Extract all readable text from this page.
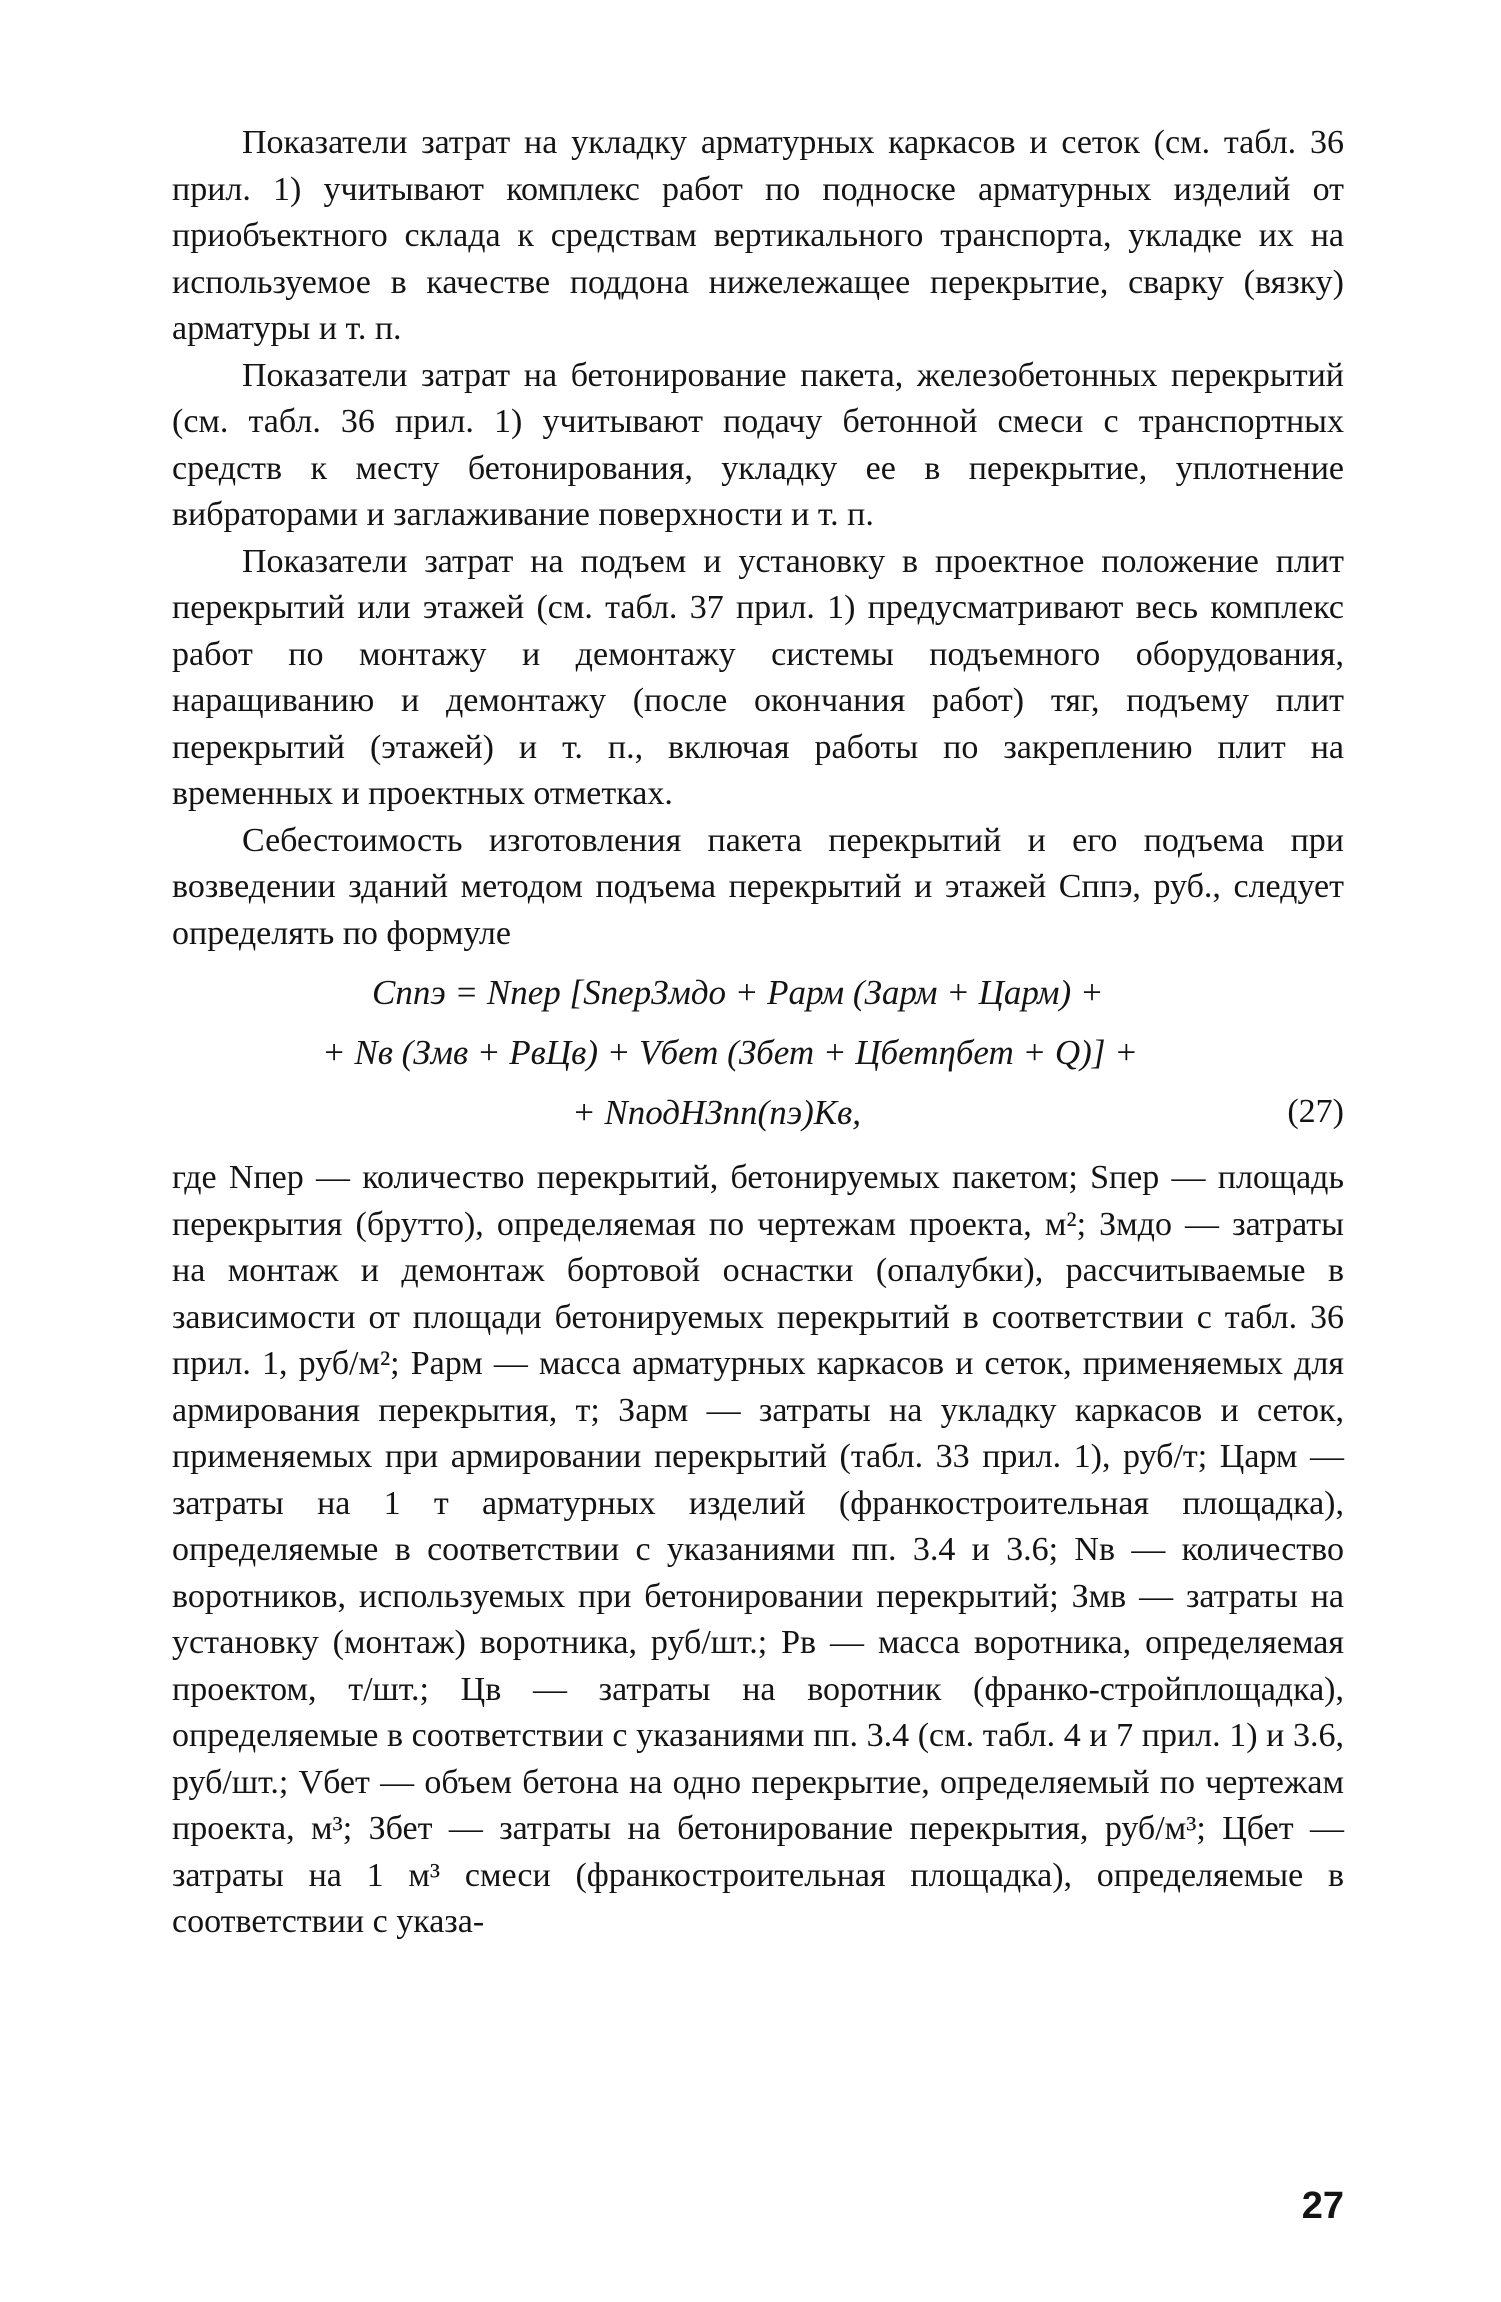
Показатели затрат на укладку арматурных каркасов и сеток (см. табл. 36 прил. 1) учитывают комплекс работ по подноске арматурных изделий от приобъектного склада к средствам вертикального транспорта, укладке их на используемое в качестве поддона нижележащее перекрытие, сварку (вязку) арматуры и т. п.

Показатели затрат на бетонирование пакета, железобетонных перекрытий (см. табл. 36 прил. 1) учитывают подачу бетонной смеси с транспортных средств к месту бетонирования, укладку ее в перекрытие, уплотнение вибраторами и заглаживание поверхности и т. п.

Показатели затрат на подъем и установку в проектное положение плит перекрытий или этажей (см. табл. 37 прил. 1) предусматривают весь комплекс работ по монтажу и демонтажу системы подъемного оборудования, наращиванию и демонтажу (после окончания работ) тяг, подъему плит перекрытий (этажей) и т. п., включая работы по закреплению плит на временных и проектных отметках.

Себестоимость изготовления пакета перекрытий и его подъема при возведении зданий методом подъема перекрытий и этажей Cппэ, руб., следует определять по формуле

Cппэ = Nпер [SперЗмдо + Pарм (Зарм + Царм) +
+ Nв (Змв + PвЦв) + Vбет (Збет + Цбетηбет + Q)] +
+ NподНЗпп(пэ)Кв,	(27)

где Nпер — количество перекрытий, бетонируемых пакетом; Sпер — площадь перекрытия (брутто), определяемая по чертежам проекта, м²; Змдо — затраты на монтаж и демонтаж бортовой оснастки (опалубки), рассчитываемые в зависимости от площади бетонируемых перекрытий в соответствии с табл. 36 прил. 1, руб/м²; Рарм — масса арматурных каркасов и сеток, применяемых для армирования перекрытия, т; Зарм — затраты на укладку каркасов и сеток, применяемых при армировании перекрытий (табл. 33 прил. 1), руб/т; Царм — затраты на 1 т арматурных изделий (франкостроительная площадка), определяемые в соответствии с указаниями пп. 3.4 и 3.6; Nв — количество воротников, используемых при бетонировании перекрытий; Змв — затраты на установку (монтаж) воротника, руб/шт.; Рв — масса воротника, определяемая проектом, т/шт.; Цв — затраты на воротник (франко-стройплощадка), определяемые в соответствии с указаниями пп. 3.4 (см. табл. 4 и 7 прил. 1) и 3.6, руб/шт.; Vбет — объем бетона на одно перекрытие, определяемый по чертежам проекта, м³; Збет — затраты на бетонирование перекрытия, руб/м³; Цбет — затраты на 1 м³ смеси (франкостроительная площадка), определяемые в соответствии с указа-

27
